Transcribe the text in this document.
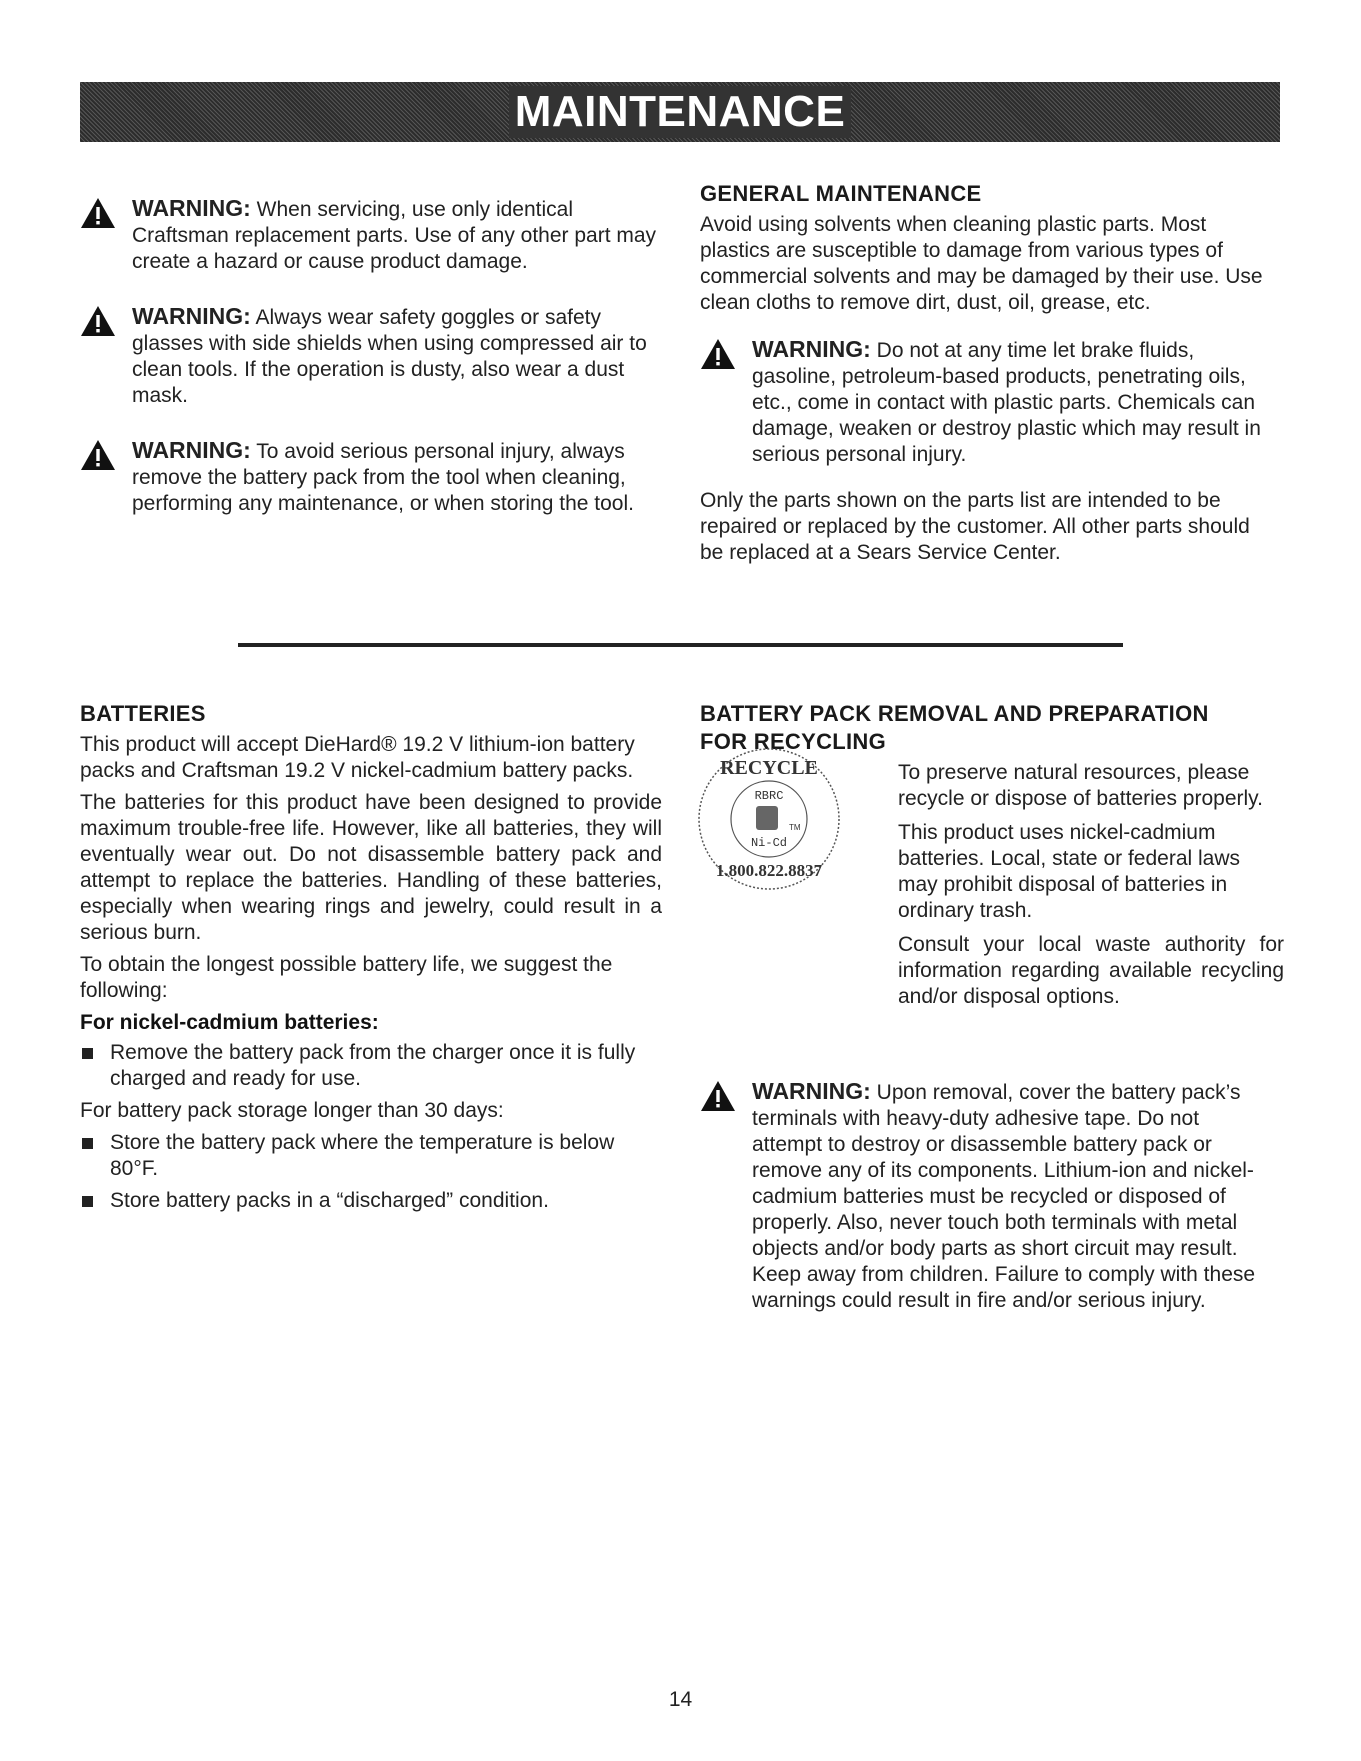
MAINTENANCE
WARNING: When servicing, use only identical Craftsman replacement parts. Use of any other part may create a hazard or cause product damage.
WARNING: Always wear safety goggles or safety glasses with side shields when using compressed air to clean tools. If the operation is dusty, also wear a dust mask.
WARNING: To avoid serious personal injury, always remove the battery pack from the tool when cleaning, performing any maintenance, or when storing the tool.
GENERAL MAINTENANCE

Avoid using solvents when cleaning plastic parts. Most plastics are susceptible to damage from various types of commercial solvents and may be damaged by their use. Use clean cloths to remove dirt, dust, oil, grease, etc.

WARNING: Do not at any time let brake fluids, gasoline, petroleum-based products, penetrating oils, etc., come in contact with plastic parts. Chemicals can damage, weaken or destroy plastic which may result in serious personal injury.

Only the parts shown on the parts list are intended to be repaired or replaced by the customer. All other parts should be replaced at a Sears Service Center.

BATTERIES

This product will accept DieHard® 19.2 V lithium-ion battery packs and Craftsman 19.2 V nickel-cadmium battery packs.

The batteries for this product have been designed to provide maximum trouble-free life. However, like all batteries, they will eventually wear out. Do not disassemble battery pack and attempt to replace the batteries. Handling of these batteries, especially when wearing rings and jewelry, could result in a serious burn.

To obtain the longest possible battery life, we suggest the following:

For nickel-cadmium batteries:
Remove the battery pack from the charger once it is fully charged and ready for use.

For battery pack storage longer than 30 days:

Store the battery pack where the temperature is below 80°F.
Store battery packs in a “discharged” condition.
BATTERY PACK REMOVAL AND PREPARATION FOR RECYCLING
RECYCLE
RBRC
TM
Ni-Cd
1.800.822.8837

To preserve natural resources, please recycle or dispose of batteries properly.

This product uses nickel-cadmium batteries. Local, state or federal laws may prohibit disposal of batteries in ordinary trash.

Consult your local waste authority for information regarding available recycling and/or disposal options.

WARNING: Upon removal, cover the battery pack’s terminals with heavy-duty adhesive tape. Do not attempt to destroy or disassemble battery pack or remove any of its components. Lithium-ion and nickel-cadmium batteries must be recycled or disposed of properly. Also, never touch both terminals with metal objects and/or body parts as short circuit may result. Keep away from children. Failure to comply with these warnings could result in fire and/or serious injury.
14
